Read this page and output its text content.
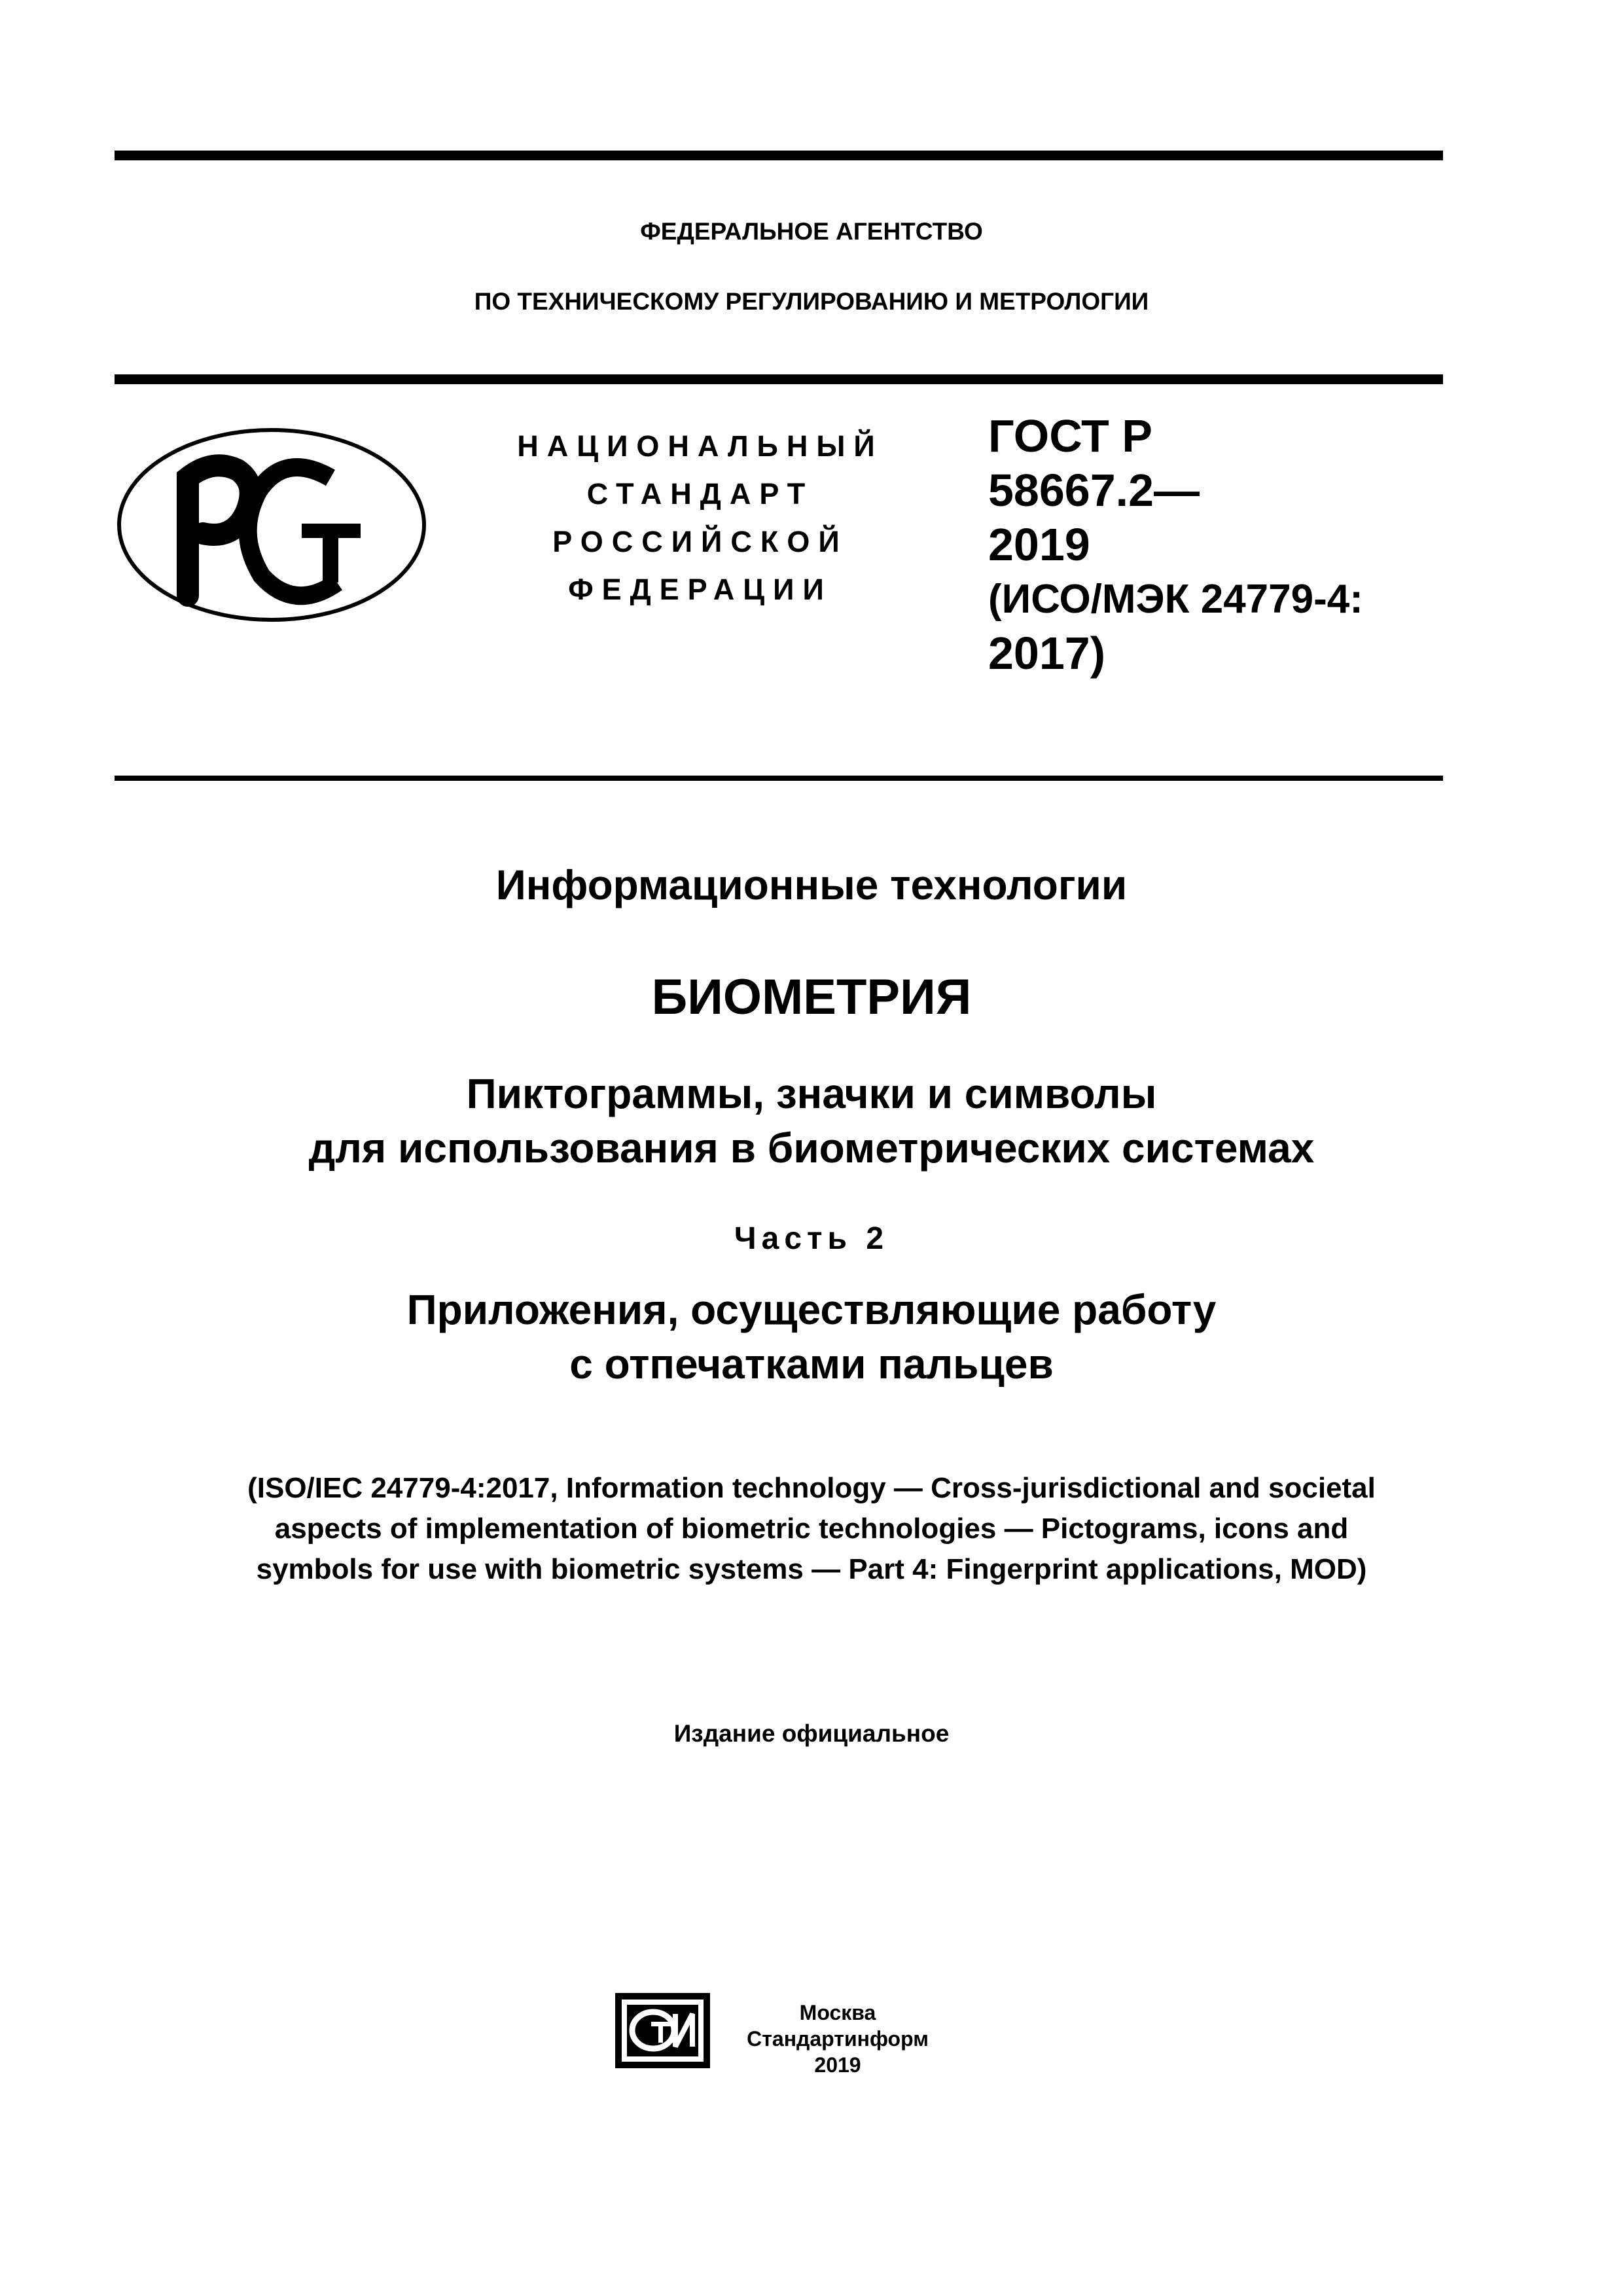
ФЕДЕРАЛЬНОЕ АГЕНТСТВО
ПО ТЕХНИЧЕСКОМУ РЕГУЛИРОВАНИЮ И МЕТРОЛОГИИ
РСТ
НАЦИОНАЛЬНЫЙ
СТАНДАРТ
РОССИЙСКОЙ
ФЕДЕРАЦИИ
ГОСТ Р
58667.2—
2019
(ИСО/МЭК 24779-4:
2017)
Информационные технологии
БИОМЕТРИЯ
Пиктограммы, значки и символы
для использования в биометрических системах
Часть 2
Приложения, осуществляющие работу
с отпечатками пальцев
(ISO/IEC 24779-4:2017, Information technology — Cross-jurisdictional and societal
aspects of implementation of biometric technologies — Pictograms, icons and
symbols for use with biometric systems — Part 4: Fingerprint applications, MOD)
Издание официальное
Москва
Стандартинформ
2019
